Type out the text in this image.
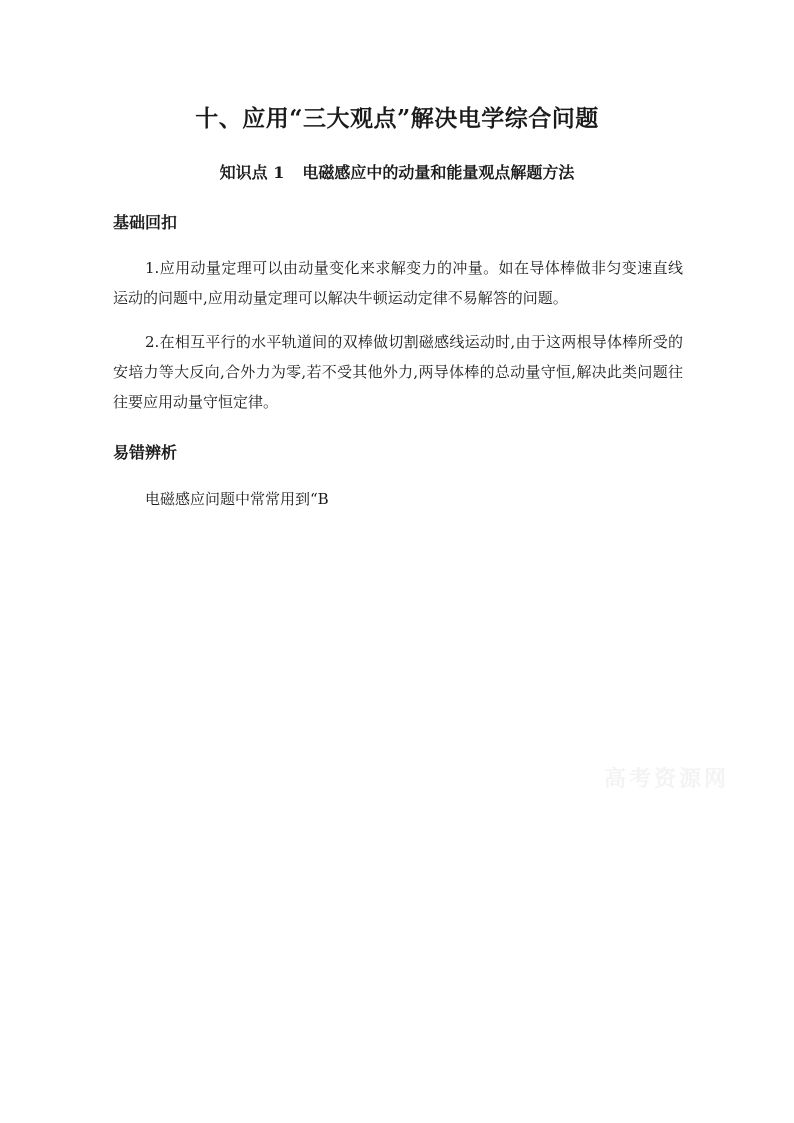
十、应用“三大观点”解决电学综合问题
知识点 1 电磁感应中的动量和能量观点解题方法
基础回扣
1.应用动量定理可以由动量变化来求解变力的冲量。如在导体棒做非匀变速直线运动的问题中,应用动量定理可以解决牛顿运动定律不易解答的问题。
2.在相互平行的水平轨道间的双棒做切割磁感线运动时,由于这两根导体棒所受的安培力等大反向,合外力为零,若不受其他外力,两导体棒的总动量守恒,解决此类问题往往要应用动量守恒定律。
易错辨析
电磁感应问题中常常用到“B
高考资源网
